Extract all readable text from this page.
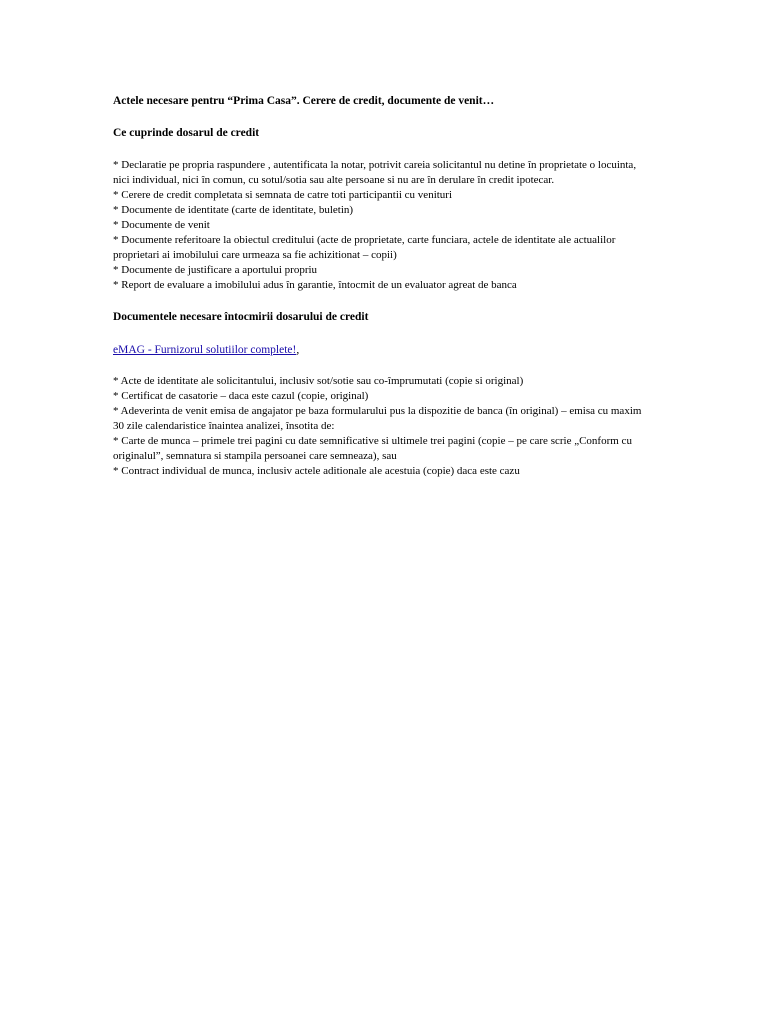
Actele necesare pentru “Prima Casa”. Cerere de credit, documente de venit…

Ce cuprinde dosarul de credit

* Declaratie pe propria raspundere , autentificata la notar, potrivit careia solicitantul nu detine în proprietate o locuinta, nici individual, nici în comun, cu sotul/sotia sau alte persoane si nu are în derulare în credit ipotecar.
* Cerere de credit completata si semnata de catre toti participantii cu venituri
* Documente de identitate (carte de identitate, buletin)
* Documente de venit
* Documente referitoare la obiectul creditului (acte de proprietate, carte funciara, actele de identitate ale actualilor proprietari ai imobilului care urmeaza sa fie achizitionat – copii)
* Documente de justificare a aportului propriu
* Report de evaluare a imobilului adus în garantie, întocmit de un evaluator agreat de banca

Documentele necesare întocmirii dosarului de credit

eMAG - Furnizorul solutiilor complete!,

* Acte de identitate ale solicitantului, inclusiv sot/sotie sau co-împrumutati (copie si original)
* Certificat de casatorie – daca este cazul (copie, original)
* Adeverinta de venit emisa de angajator pe baza formularului pus la dispozitie de banca (în original) – emisa cu maxim 30 zile calendaristice înaintea analizei, însotita de:
* Carte de munca – primele trei pagini cu date semnificative si ultimele trei pagini (copie – pe care scrie „Conform cu originalul”, semnatura si stampila persoanei care semneaza), sau
* Contract individual de munca, inclusiv actele aditionale ale acestuia (copie) daca este cazu
